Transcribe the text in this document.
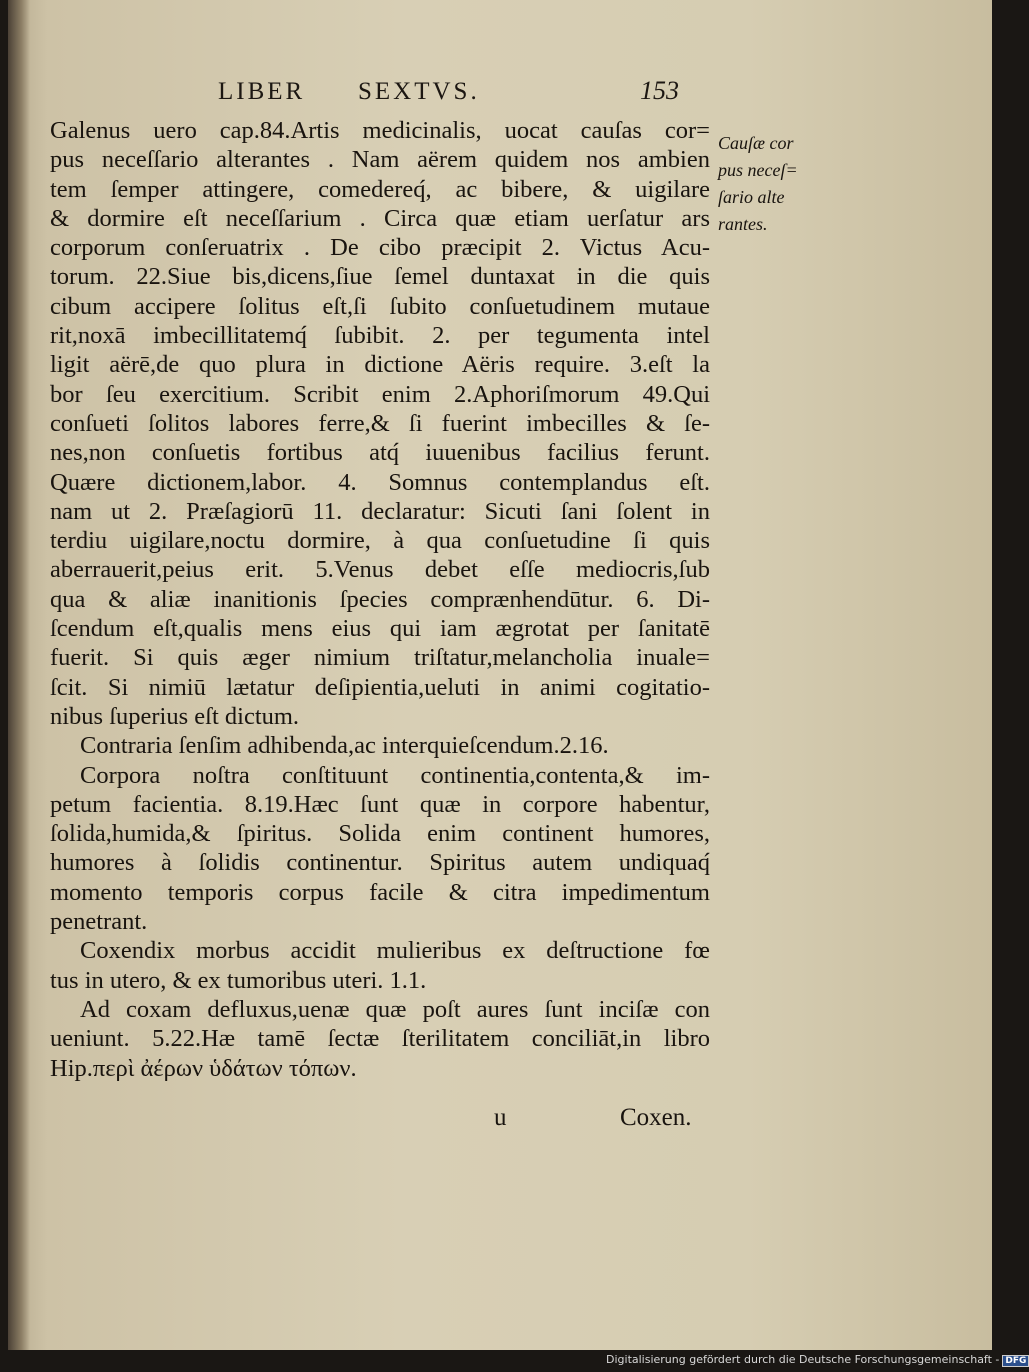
LIBER SEXTVS.	153
Galenus uero cap.84.Artis medicinalis, uocat cauſas cor=
pus neceſſario alterantes . Nam aërem quidem nos ambien
tem ſemper attingere, comedereq́, ac bibere, & uigilare
& dormire eſt neceſſarium . Circa quæ etiam uerſatur ars
corporum conſeruatrix . De cibo præcipit 2. Victus Acu-
torum. 22.Siue bis,dicens,ſiue ſemel duntaxat in die quis
cibum accipere ſolitus eſt,ſi ſubito conſuetudinem mutaue
rit,noxā imbecillitatemq́ ſubibit. 2. per tegumenta intel
ligit aërē,de quo plura in dictione Aëris require. 3.eſt la
bor ſeu exercitium. Scribit enim 2.Aphoriſmorum 49.Qui
conſueti ſolitos labores ferre,& ſi fuerint imbecilles & ſe-
nes,non conſuetis fortibus atq́ iuuenibus facilius ferunt.
Quære dictionem,labor. 4. Somnus contemplandus eſt.
nam ut 2. Præſagiorū 11. declaratur: Sicuti ſani ſolent in
terdiu uigilare,noctu dormire, à qua conſuetudine ſi quis
aberrauerit,peius erit. 5.Venus debet eſſe mediocris,ſub
qua & aliæ inanitionis ſpecies comprænhendūtur. 6. Di-
ſcendum eſt,qualis mens eius qui iam ægrotat per ſanitatē
fuerit. Si quis æger nimium triſtatur,melancholia inuale=
ſcit. Si nimiū lætatur deſipientia,ueluti in animi cogitatio-
nibus ſuperius eſt dictum.
Contraria ſenſim adhibenda,ac interquieſcendum.2.16.
Corpora noſtra conſtituunt continentia,contenta,& im-
petum facientia. 8.19.Hæc ſunt quæ in corpore habentur,
ſolida,humida,& ſpiritus. Solida enim continent humores,
humores à ſolidis continentur. Spiritus autem undiquaq́
momento temporis corpus facile & citra impedimentum
penetrant.
Coxendix morbus accidit mulieribus ex deſtructione fœ
tus in utero, & ex tumoribus uteri. 1.1.
Ad coxam defluxus,uenæ quæ poſt aures ſunt inciſæ con
ueniunt. 5.22.Hæ tamē ſectæ ſterilitatem conciliāt,in libro
Hip.περὶ ἀέρων ὑδάτων τόπων.
Cauſæ cor
pus neceſ=
ſario alte
rantes.
u	Coxen.
Digitalisierung gefördert durch die Deutsche Forschungsgemeinschaft - DFG
